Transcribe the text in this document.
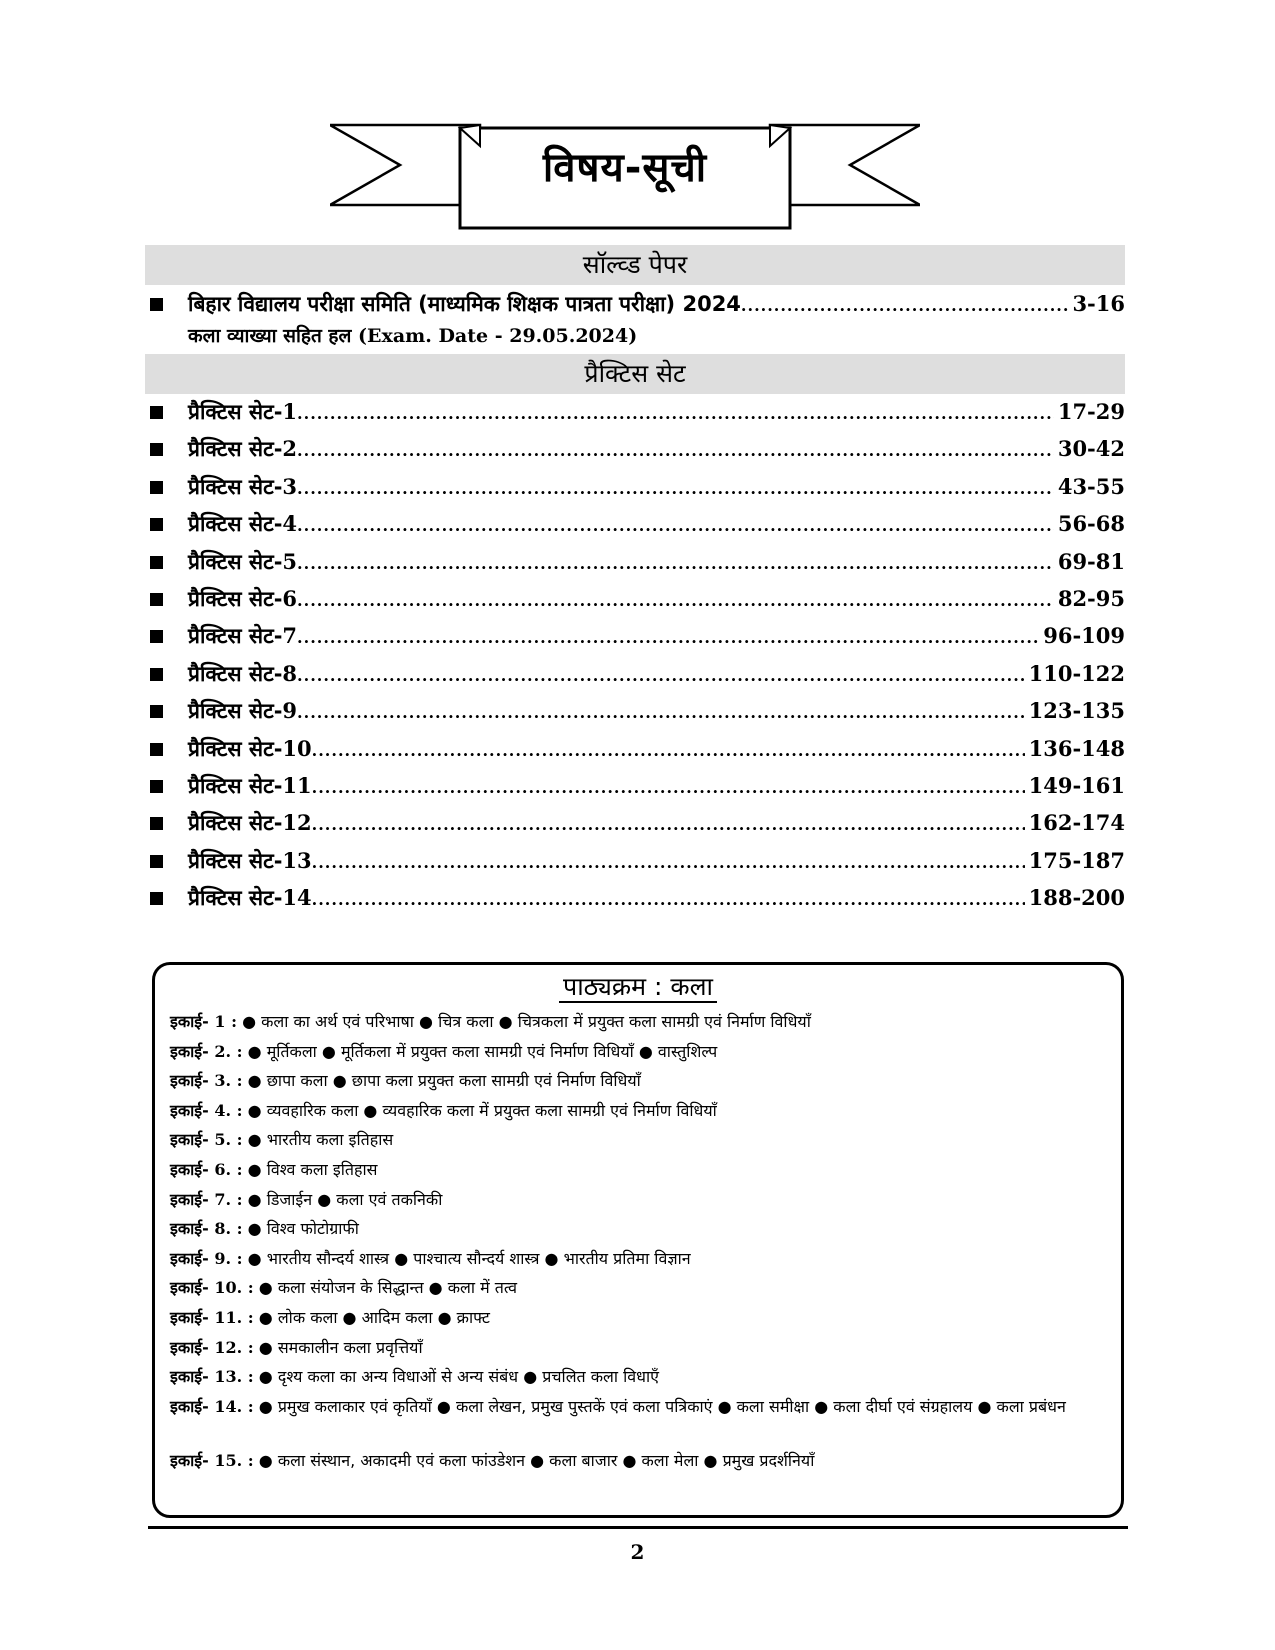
विषय-सूची
सॉल्व्ड पेपर
बिहार विद्यालय परीक्षा समिति (माध्यमिक शिक्षक पात्रता परीक्षा) 2024 .....	3-16
कला व्याख्या सहित हल (Exam. Date - 29.05.2024)
प्रैक्टिस सेट
प्रैक्टिस सेट- 1 .....	17-29
प्रैक्टिस सेट- 2 .....	30-42
प्रैक्टिस सेट- 3 .....	43-55
प्रैक्टिस सेट- 4 .....	56-68
प्रैक्टिस सेट- 5 .....	69-81
प्रैक्टिस सेट- 6 .....	82-95
प्रैक्टिस सेट- 7 .....	96-109
प्रैक्टिस सेट- 8 .....	110-122
प्रैक्टिस सेट- 9 .....	123-135
प्रैक्टिस सेट- 10 .....	136-148
प्रैक्टिस सेट- 11 .....	149-161
प्रैक्टिस सेट- 12 .....	162-174
प्रैक्टिस सेट- 13 .....	175-187
प्रैक्टिस सेट- 14 .....	188-200
पाठ्यक्रम : कला
इकाई- 1 : ● कला का अर्थ एवं परिभाषा ● चित्र कला ● चित्रकला में प्रयुक्त कला सामग्री एवं निर्माण विधियाँ
इकाई- 2. : ● मूर्तिकला ● मूर्तिकला में प्रयुक्त कला सामग्री एवं निर्माण विधियाँ ● वास्तुशिल्प
इकाई- 3. : ● छापा कला ● छापा कला प्रयुक्त कला सामग्री एवं निर्माण विधियाँ
इकाई- 4. : ● व्यवहारिक कला ● व्यवहारिक कला में प्रयुक्त कला सामग्री एवं निर्माण विधियाँ
इकाई- 5. : ● भारतीय कला इतिहास
इकाई- 6. : ● विश्व कला इतिहास
इकाई- 7. : ● डिजाईन ● कला एवं तकनिकी
इकाई- 8. : ● विश्व फोटोग्राफी
इकाई- 9. : ● भारतीय सौन्दर्य शास्त्र ● पाश्चात्य सौन्दर्य शास्त्र ● भारतीय प्रतिमा विज्ञान
इकाई- 10. : ● कला संयोजन के सिद्धान्त ● कला में तत्व
इकाई- 11. : ● लोक कला ● आदिम कला ● क्राफ्ट
इकाई- 12. : ● समकालीन कला प्रवृत्तियाँ
इकाई- 13. : ● दृश्य कला का अन्य विधाओं से अन्य संबंध ● प्रचलित कला विधाएँ
इकाई- 14. : ● प्रमुख कलाकार एवं कृतियाँ ● कला लेखन, प्रमुख पुस्तकें एवं कला पत्रिकाएं ● कला समीक्षा ● कला दीर्घा एवं संग्रहालय ● कला प्रबंधन
इकाई- 15. : ● कला संस्थान, अकादमी एवं कला फांउडेशन ● कला बाजार ● कला मेला ● प्रमुख प्रदर्शनियाँ
2
